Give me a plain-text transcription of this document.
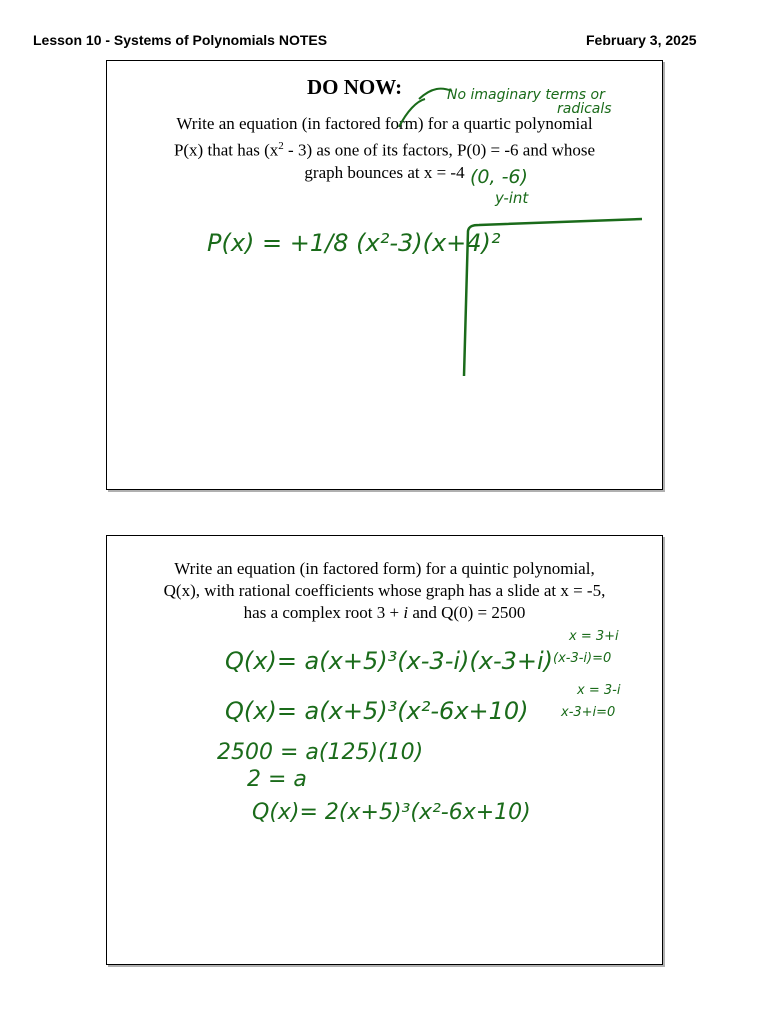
Lesson 10 - Systems of Polynomials NOTES	February 3, 2025
DO NOW:

Write an equation (in factored form) for a quartic polynomial

P(x) that has $(x^2 - 3)$ as one of its factors, P(0) = -6 and whose

graph bounces at x = -4

No imaginary terms or
radicals
(0, -6)
y-int
P(x) = +1/8 (x²-3)(x+4)²

Write an equation (in factored form) for a quintic polynomial,

Q(x), with rational coefficients whose graph has a slide at x = -5,

has a complex root 3 + i and Q(0) = 2500

Q(x)= a(x+5)³(x-3-i)(x-3+i)
Q(x)= a(x+5)³(x²-6x+10)
2500 = a(125)(10)
2 = a
Q(x)= 2(x+5)³(x²-6x+10)
x = 3+i
(x-3-i)=0
x = 3-i
x-3+i=0
